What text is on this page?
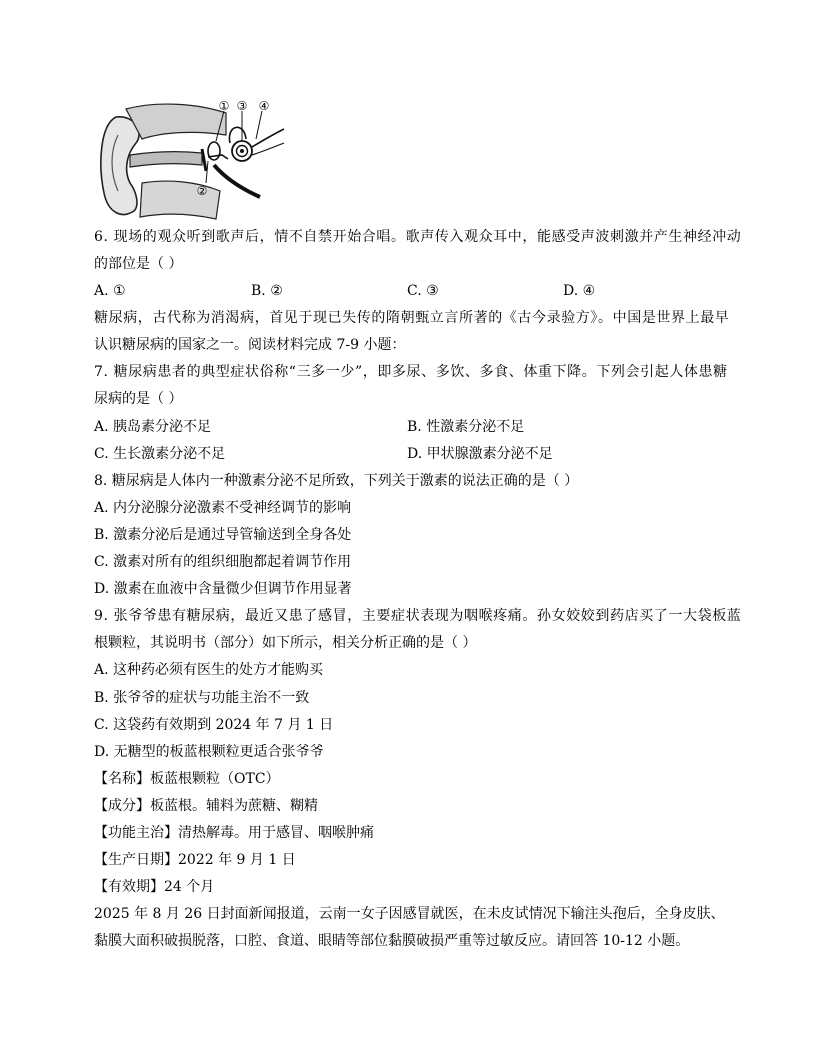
①
②
③ ④
6. 现场的观众听到歌声后，情不自禁开始合唱。歌声传入观众耳中，能感受声波刺激并产生神经冲动
的部位是（ ）
A. ①	B. ②	C. ③	D. ④
糖尿病，古代称为消渴病，首见于现已失传的隋朝甄立言所著的《古今录验方》。中国是世界上最早
认识糖尿病的国家之一。阅读材料完成 7-9 小题：
7. 糖尿病患者的典型症状俗称“三多一少”，即多尿、多饮、多食、体重下降。下列会引起人体患糖
尿病的是（ ）
A. 胰岛素分泌不足	B. 性激素分泌不足
C. 生长激素分泌不足	D. 甲状腺激素分泌不足
8. 糖尿病是人体内一种激素分泌不足所致，下列关于激素的说法正确的是（ ）
A. 内分泌腺分泌激素不受神经调节的影响
B. 激素分泌后是通过导管输送到全身各处
C. 激素对所有的组织细胞都起着调节作用
D. 激素在血液中含量微少但调节作用显著
9. 张爷爷患有糖尿病，最近又患了感冒，主要症状表现为咽喉疼痛。孙女姣姣到药店买了一大袋板蓝
根颗粒，其说明书（部分）如下所示，相关分析正确的是（ ）
A. 这种药必须有医生的处方才能购买
B. 张爷爷的症状与功能主治不一致
C. 这袋药有效期到 2024 年 7 月 1 日
D. 无糖型的板蓝根颗粒更适合张爷爷
【名称】板蓝根颗粒（OTC）
【成分】板蓝根。辅料为蔗糖、糊精
【功能主治】清热解毒。用于感冒、咽喉肿痛
【生产日期】2022 年 9 月 1 日
【有效期】24 个月
2025 年 8 月 26 日封面新闻报道，云南一女子因感冒就医，在未皮试情况下输注头孢后，全身皮肤、
黏膜大面积破损脱落，口腔、食道、眼睛等部位黏膜破损严重等过敏反应。请回答 10-12 小题。
